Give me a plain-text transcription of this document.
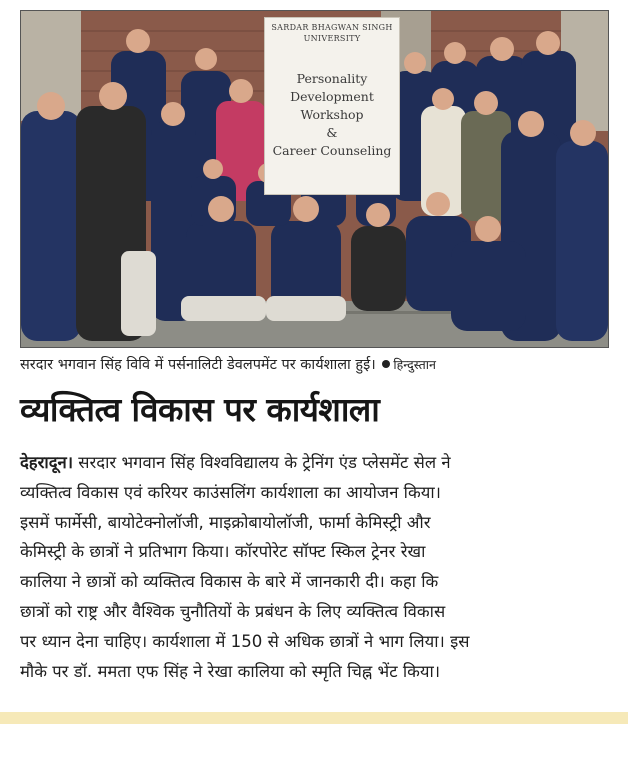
SARDAR BHAGWAN SINGH UNIVERSITY
Personality
Development
Workshop
&
Career Counseling
सरदार भगवान सिंह विवि में पर्सनालिटी डेवलपमेंट पर कार्यशाला हुई। हिन्दुस्तान
व्यक्तित्व विकास पर कार्यशाला
देहरादून। सरदार भगवान सिंह विश्वविद्यालय के ट्रेनिंग एंड प्लेसमेंट सेल ने
व्यक्तित्व विकास एवं करियर काउंसलिंग कार्यशाला का आयोजन किया।
इसमें फार्मेसी, बायोटेक्नोलॉजी, माइक्रोबायोलॉजी, फार्मा केमिस्ट्री और
केमिस्ट्री के छात्रों ने प्रतिभाग किया। कॉरपोरेट सॉफ्ट स्किल ट्रेनर रेखा
कालिया ने छात्रों को व्यक्तित्व विकास के बारे में जानकारी दी। कहा कि
छात्रों को राष्ट्र और वैश्विक चुनौतियों के प्रबंधन के लिए व्यक्तित्व विकास
पर ध्यान देना चाहिए। कार्यशाला में 150 से अधिक छात्रों ने भाग लिया। इस
मौके पर डॉ. ममता एफ सिंह ने रेखा कालिया को स्मृति चिह्न भेंट किया।
